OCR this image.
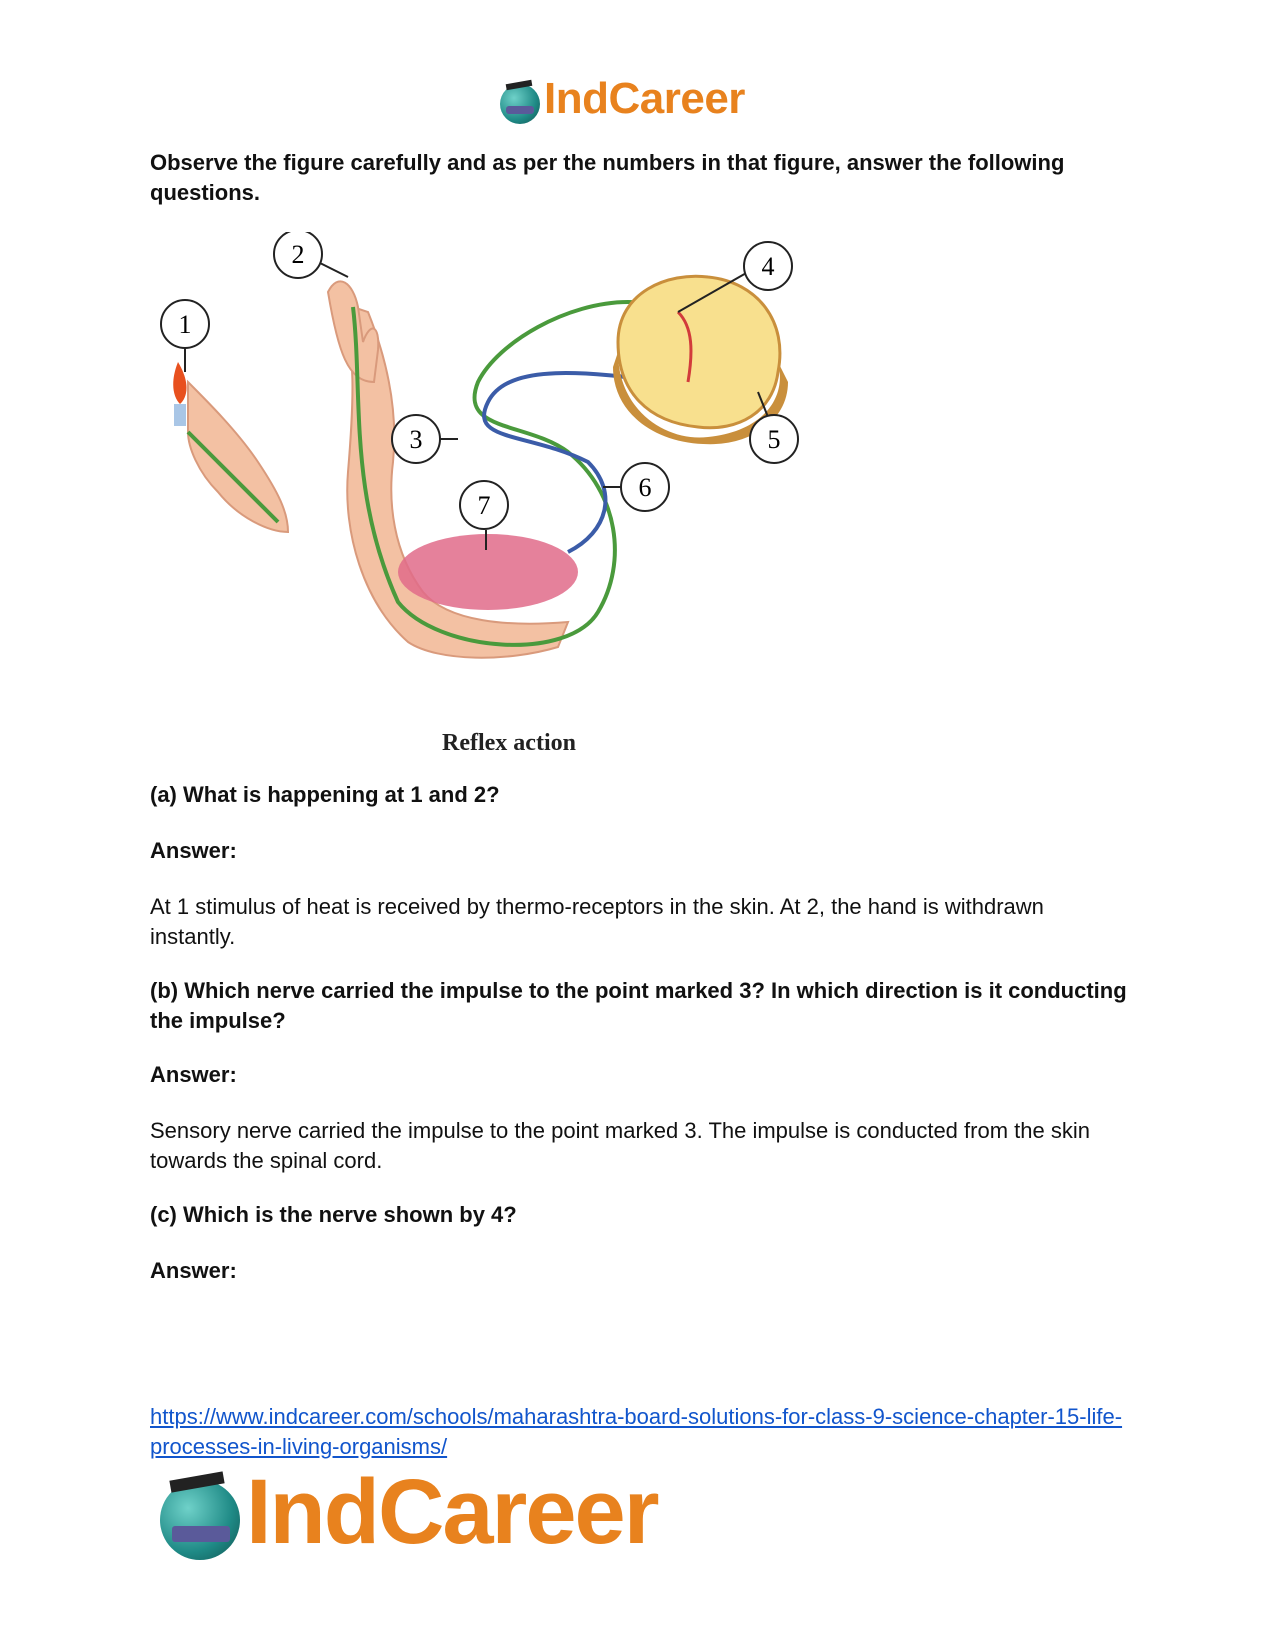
IndCareer

Observe the figure carefully and as per the numbers in that figure, answer the following questions.

1
2
3
4
5
6
7

Reflex action

(a) What is happening at 1 and 2?

Answer:

At 1 stimulus of heat is received by thermo-receptors in the skin. At 2, the hand is withdrawn instantly.

(b) Which nerve carried the impulse to the point marked 3? In which direction is it conducting the impulse?

Answer:

Sensory nerve carried the impulse to the point marked 3. The impulse is conducted from the skin towards the spinal cord.

(c) Which is the nerve shown by 4?

Answer:

https://www.indcareer.com/schools/maharashtra-board-solutions-for-class-9-science-chapter-15-life-processes-in-living-organisms/
IndCareer
